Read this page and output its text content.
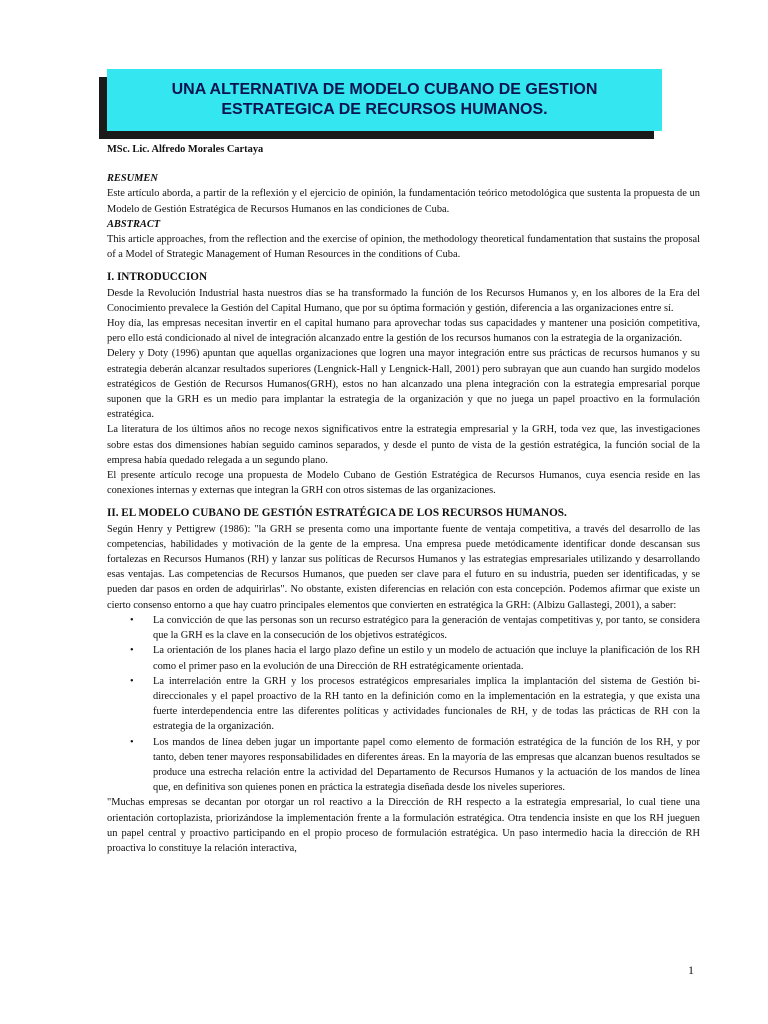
UNA ALTERNATIVA DE MODELO CUBANO DE GESTION
ESTRATEGICA DE RECURSOS HUMANOS.

MSc. Lic. Alfredo Morales Cartaya

RESUMEN

Este artículo aborda, a partir de la reflexión y el ejercicio de opinión, la fundamentación teórico metodológica que sustenta la propuesta de un Modelo de Gestión Estratégica de Recursos Humanos en las condiciones de Cuba.

ABSTRACT

This article approaches, from the reflection and the exercise of opinion, the methodology theoretical fundamentation that sustains the proposal of a Model of Strategic Management of Human Resources in the conditions of Cuba.

I. INTRODUCCION

Desde la Revolución Industrial hasta nuestros días se ha transformado la función de los Recursos Humanos y, en los albores de la Era del Conocimiento prevalece la Gestión del Capital Humano, que por su óptima formación y gestión, diferencia a las organizaciones entre sí.

Hoy día, las empresas necesitan invertir en el capital humano para aprovechar todas sus capacidades y mantener una posición competitiva, pero ello está condicionado al nivel de integración alcanzado entre la gestión de los recursos humanos con la estrategia de la organización.

Delery y Doty (1996) apuntan que aquellas organizaciones que logren una mayor integración entre sus prácticas de recursos humanos y su estrategia deberán alcanzar resultados superiores (Lengnick-Hall y Lengnick-Hall, 2001) pero subrayan que aun cuando han surgido modelos estratégicos de Gestión de Recursos Humanos(GRH), estos no han alcanzado una plena integración con la estrategia empresarial porque suponen que la GRH es un medio para implantar la estrategia de la organización y que no juega un papel proactivo en la formulación estratégica.

La literatura de los últimos años no recoge nexos significativos entre la estrategia empresarial y la GRH, toda vez que, las investigaciones sobre estas dos dimensiones habían seguido caminos separados, y desde el punto de vista de la gestión estratégica, la función social de la empresa había quedado relegada a un segundo plano.

El presente artículo recoge una propuesta de Modelo Cubano de Gestión Estratégica de Recursos Humanos, cuya esencia reside en las conexiones internas y externas que integran la GRH con otros sistemas de las organizaciones.

II. EL MODELO CUBANO DE GESTIÓN ESTRATÉGICA DE LOS RECURSOS HUMANOS.

Según Henry y Pettigrew (1986): "la GRH se presenta como una importante fuente de ventaja competitiva, a través del desarrollo de las competencias, habilidades y motivación de la gente de la empresa. Una empresa puede metódicamente identificar donde descansan sus fortalezas en Recursos Humanos (RH) y lanzar sus políticas de Recursos Humanos y las estrategias empresariales utilizando y desarrollando esas ventajas. Las competencias de Recursos Humanos, que pueden ser clave para el futuro en su industria, pueden ser identificadas, y se pueden dar pasos en orden de adquirirlas". No obstante, existen diferencias en relación con esta concepción. Podemos afirmar que existe un cierto consenso entorno a que hay cuatro principales elementos que convierten en estratégica la GRH: (Albizu Gallastegi, 2001), a saber:

• La convicción de que las personas son un recurso estratégico para la generación de ventajas competitivas y, por tanto, se considera que la GRH es la clave en la consecución de los objetivos estratégicos.
• La orientación de los planes hacia el largo plazo define un estilo y un modelo de actuación que incluye la planificación de los RH como el primer paso en la evolución de una Dirección de RH estratégicamente orientada.
• La interrelación entre la GRH y los procesos estratégicos empresariales implica la implantación del sistema de Gestión bi-direccionales y el papel proactivo de la RH tanto en la definición como en la implementación en la estrategia, y que exista una fuerte interdependencia entre las diferentes políticas y actividades funcionales de RH, y de todas las prácticas de RH con la estrategia de la organización.
• Los mandos de línea deben jugar un importante papel como elemento de formación estratégica de la función de los RH, y por tanto, deben tener mayores responsabilidades en diferentes áreas. En la mayoría de las empresas que alcanzan buenos resultados se produce una estrecha relación entre la actividad del Departamento de Recursos Humanos y la actuación de los mandos de línea que, en definitiva son quienes ponen en práctica la estrategia diseñada desde los niveles superiores.

"Muchas empresas se decantan por otorgar un rol reactivo a la Dirección de RH respecto a la estrategia empresarial, lo cual tiene una orientación cortoplazista, priorizándose la implementación frente a la formulación estratégica. Otra tendencia insiste en que los RH jueguen un papel central y proactivo participando en el propio proceso de formulación estratégica. Un paso intermedio hacia la dirección de RH proactiva lo constituye la relación interactiva,

1
